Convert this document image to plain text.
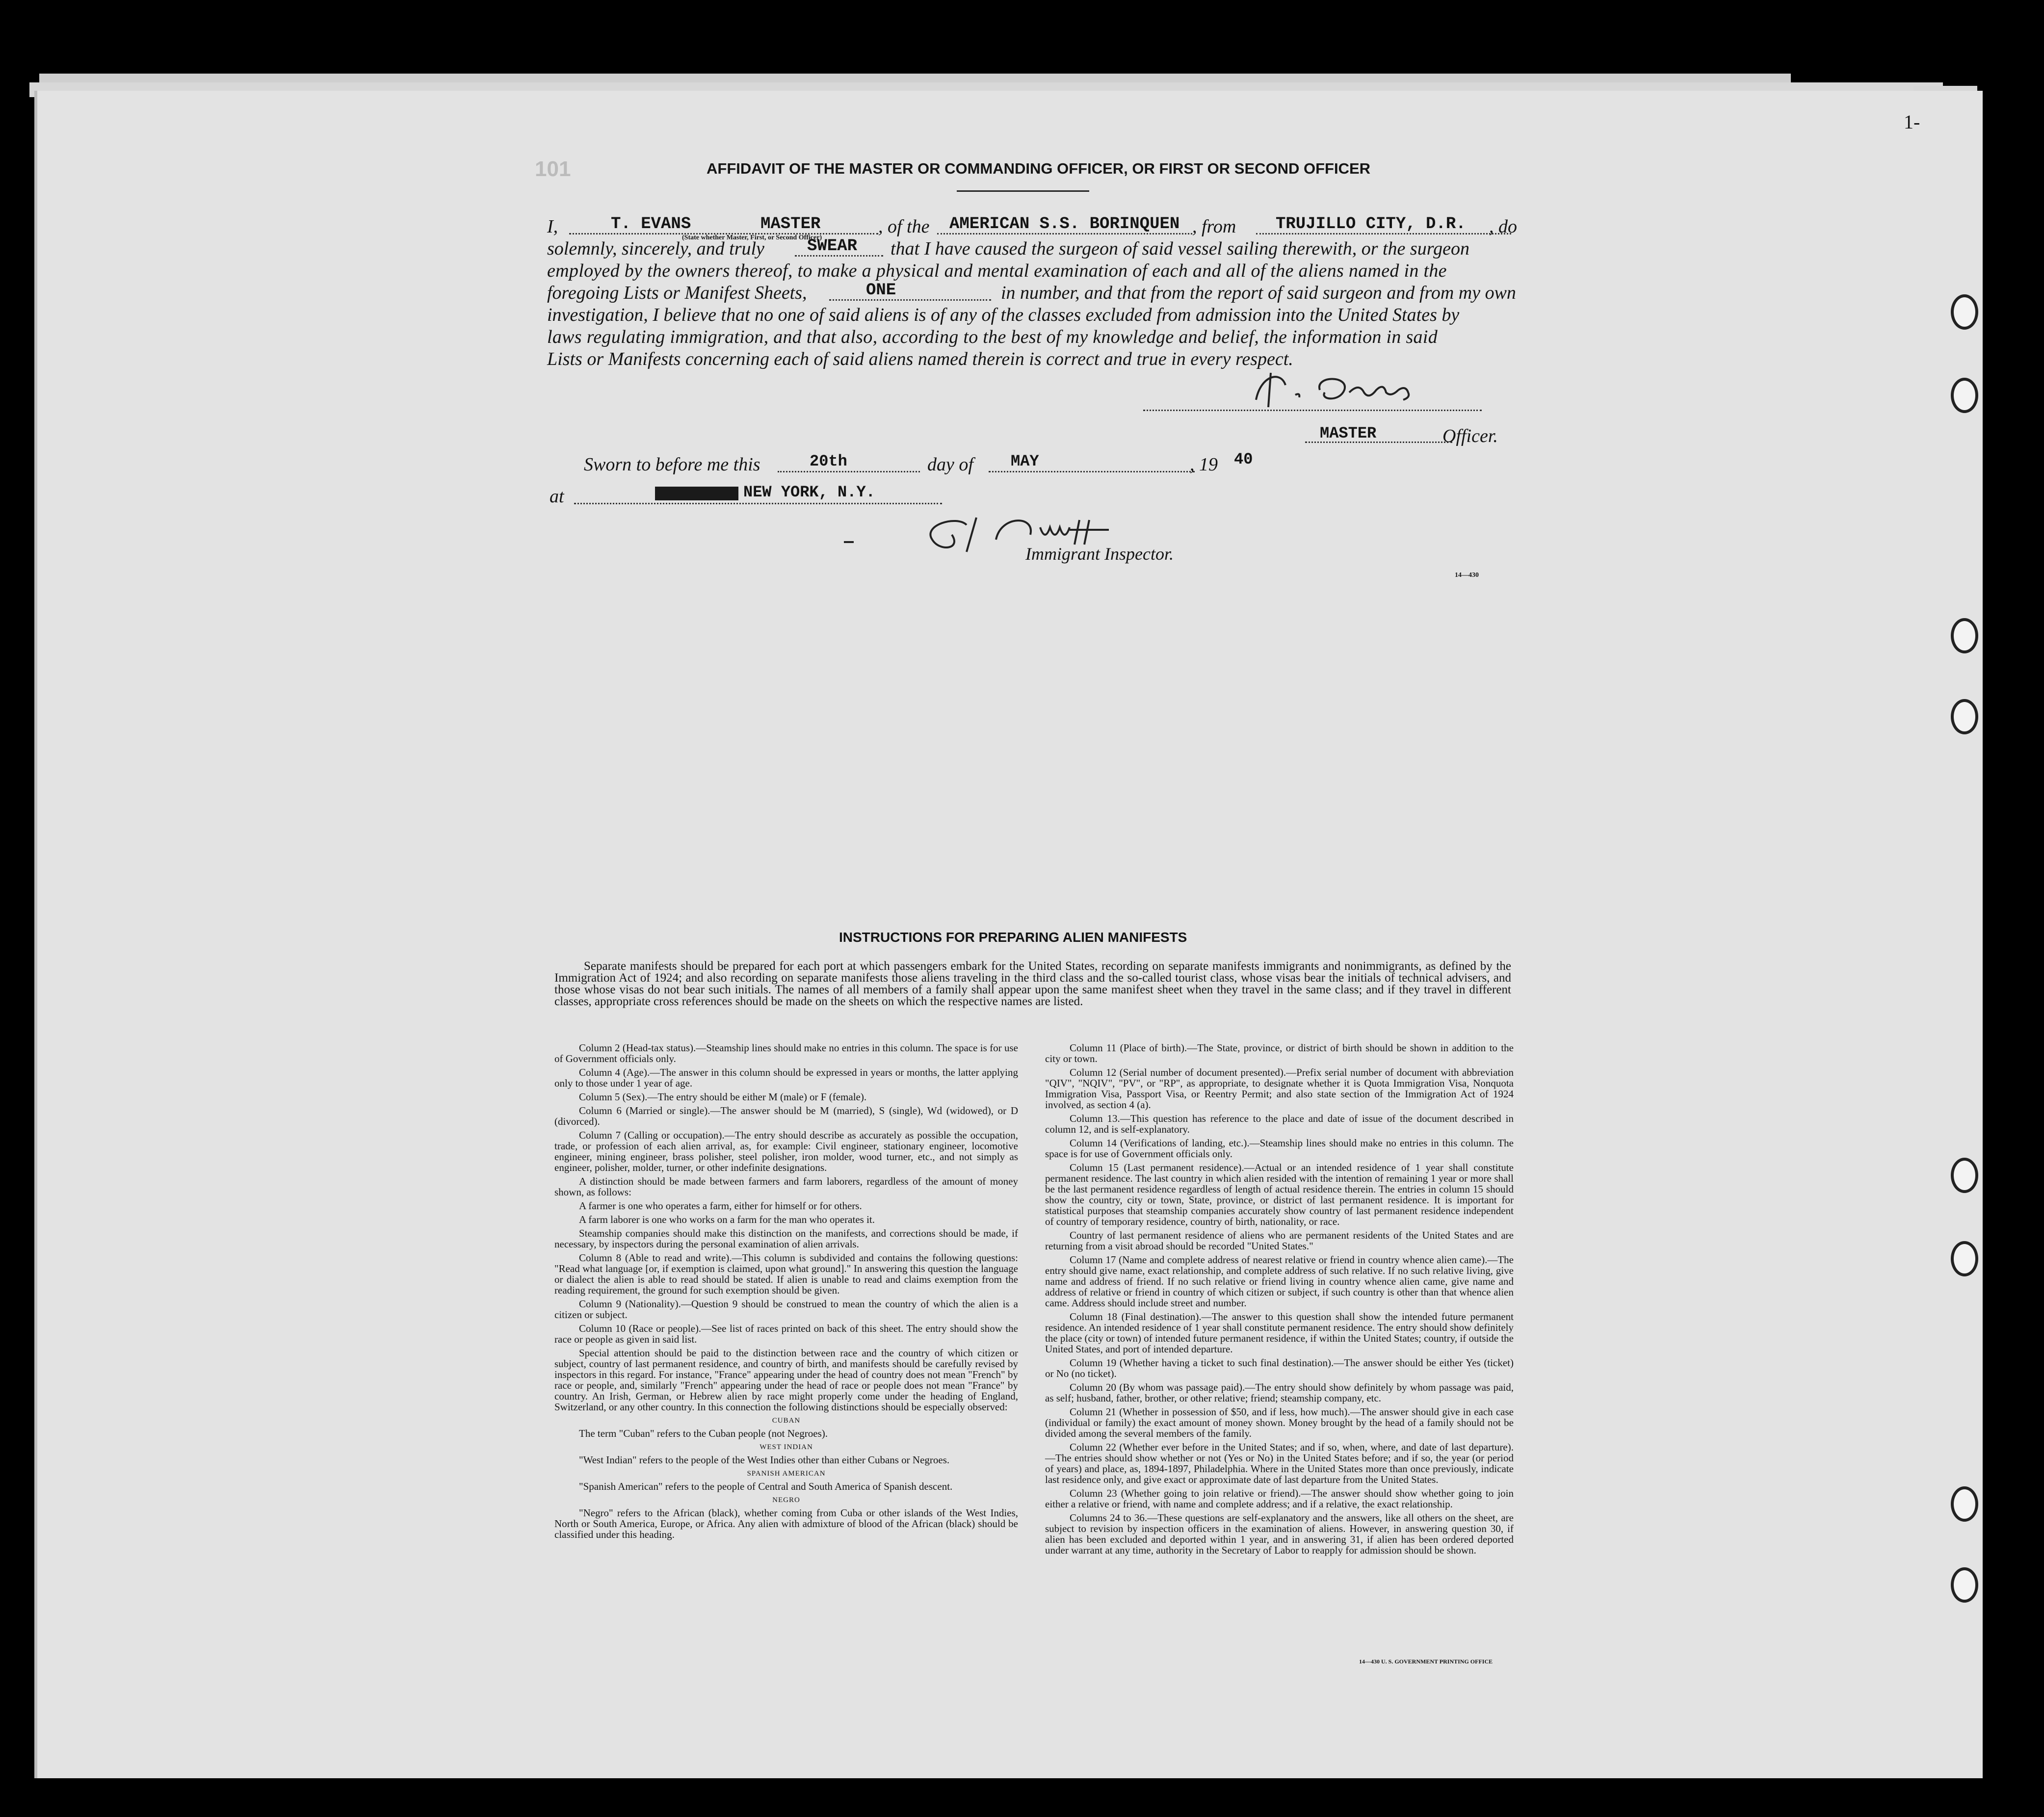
1-
101	AFFIDAVIT OF THE MASTER OR COMMANDING OFFICER, OR FIRST OR SECOND OFFICER
I,	T. EVANS	MASTER
(State whether Master, First, or Second Officer)
, of the AMERICAN S.S. BORINQUEN , from TRUJILLO CITY, D.R. , do
solemnly, sincerely, and truly	SWEAR that I have caused the surgeon of said vessel sailing therewith, or the surgeon
employed by the owners thereof, to make a physical and mental examination of each and all of the aliens named in the
foregoing Lists or Manifest Sheets,	ONE	in number, and that from the report of said surgeon and from my own
investigation, I believe that no one of said aliens is of any of the classes excluded from admission into the United States by
laws regulating immigration, and that also, according to the best of my knowledge and belief, the information in said
Lists or Manifests concerning each of said aliens named therein is correct and true in every respect.
MASTER	Officer.
Sworn to before me this	20th	day of MAY	, 19 40
at	NEW YORK, N.Y.
Immigrant Inspector.
14—430
INSTRUCTIONS FOR PREPARING ALIEN MANIFESTS
Separate manifests should be prepared for each port at which passengers embark for the United States, recording on separate manifests immigrants and nonimmigrants, as defined by the Immigration Act of 1924; and also recording on separate manifests those aliens traveling in the third class and the so-called tourist class, whose visas bear the initials of technical advisers, and those whose visas do not bear such initials. The names of all members of a family shall appear upon the same manifest sheet when they travel in the same class; and if they travel in different classes, appropriate cross references should be made on the sheets on which the respective names are listed.

Column 2 (Head-tax status).—Steamship lines should make no entries in this column. The space is for use of Government officials only.

Column 4 (Age).—The answer in this column should be expressed in years or months, the latter applying only to those under 1 year of age.

Column 5 (Sex).—The entry should be either M (male) or F (female).

Column 6 (Married or single).—The answer should be M (married), S (single), Wd (widowed), or D (divorced).

Column 7 (Calling or occupation).—The entry should describe as accurately as possible the occupation, trade, or profession of each alien arrival, as, for example: Civil engineer, stationary engineer, locomotive engineer, mining engineer, brass polisher, steel polisher, iron molder, wood turner, etc., and not simply as engineer, polisher, molder, turner, or other indefinite designations.

A distinction should be made between farmers and farm laborers, regardless of the amount of money shown, as follows:

A farmer is one who operates a farm, either for himself or for others.

A farm laborer is one who works on a farm for the man who operates it.

Steamship companies should make this distinction on the manifests, and corrections should be made, if necessary, by inspectors during the personal examination of alien arrivals.

Column 8 (Able to read and write).—This column is subdivided and contains the following questions: "Read what language [or, if exemption is claimed, upon what ground]." In answering this question the language or dialect the alien is able to read should be stated. If alien is unable to read and claims exemption from the reading requirement, the ground for such exemption should be given.

Column 9 (Nationality).—Question 9 should be construed to mean the country of which the alien is a citizen or subject.

Column 10 (Race or people).—See list of races printed on back of this sheet. The entry should show the race or people as given in said list.

Special attention should be paid to the distinction between race and the country of which citizen or subject, country of last permanent residence, and country of birth, and manifests should be carefully revised by inspectors in this regard. For instance, "France" appearing under the head of country does not mean "French" by race or people, and, similarly "French" appearing under the head of race or people does not mean "France" by country. An Irish, German, or Hebrew alien by race might properly come under the heading of England, Switzerland, or any other country. In this connection the following distinctions should be especially observed:

CUBAN

The term "Cuban" refers to the Cuban people (not Negroes).

WEST INDIAN

"West Indian" refers to the people of the West Indies other than either Cubans or Negroes.

SPANISH AMERICAN

"Spanish American" refers to the people of Central and South America of Spanish descent.

NEGRO

"Negro" refers to the African (black), whether coming from Cuba or other islands of the West Indies, North or South America, Europe, or Africa. Any alien with admixture of blood of the African (black) should be classified under this heading.

Column 11 (Place of birth).—The State, province, or district of birth should be shown in addition to the city or town.

Column 12 (Serial number of document presented).—Prefix serial number of document with abbreviation "QIV", "NQIV", "PV", or "RP", as appropriate, to designate whether it is Quota Immigration Visa, Nonquota Immigration Visa, Passport Visa, or Reentry Permit; and also state section of the Immigration Act of 1924 involved, as section 4 (a).

Column 13.—This question has reference to the place and date of issue of the document described in column 12, and is self-explanatory.

Column 14 (Verifications of landing, etc.).—Steamship lines should make no entries in this column. The space is for use of Government officials only.

Column 15 (Last permanent residence).—Actual or an intended residence of 1 year shall constitute permanent residence. The last country in which alien resided with the intention of remaining 1 year or more shall be the last permanent residence regardless of length of actual residence therein. The entries in column 15 should show the country, city or town, State, province, or district of last permanent residence. It is important for statistical purposes that steamship companies accurately show country of last permanent residence independent of country of temporary residence, country of birth, nationality, or race.

Country of last permanent residence of aliens who are permanent residents of the United States and are returning from a visit abroad should be recorded "United States."

Column 17 (Name and complete address of nearest relative or friend in country whence alien came).—The entry should give name, exact relationship, and complete address of such relative. If no such relative living, give name and address of friend. If no such relative or friend living in country whence alien came, give name and address of relative or friend in country of which citizen or subject, if such country is other than that whence alien came. Address should include street and number.

Column 18 (Final destination).—The answer to this question shall show the intended future permanent residence. An intended residence of 1 year shall constitute permanent residence. The entry should show definitely the place (city or town) of intended future permanent residence, if within the United States; country, if outside the United States, and port of intended departure.

Column 19 (Whether having a ticket to such final destination).—The answer should be either Yes (ticket) or No (no ticket).

Column 20 (By whom was passage paid).—The entry should show definitely by whom passage was paid, as self; husband, father, brother, or other relative; friend; steamship company, etc.

Column 21 (Whether in possession of $50, and if less, how much).—The answer should give in each case (individual or family) the exact amount of money shown. Money brought by the head of a family should not be divided among the several members of the family.

Column 22 (Whether ever before in the United States; and if so, when, where, and date of last departure).—The entries should show whether or not (Yes or No) in the United States before; and if so, the year (or period of years) and place, as, 1894-1897, Philadelphia. Where in the United States more than once previously, indicate last residence only, and give exact or approximate date of last departure from the United States.

Column 23 (Whether going to join relative or friend).—The answer should show whether going to join either a relative or friend, with name and complete address; and if a relative, the exact relationship.

Columns 24 to 36.—These questions are self-explanatory and the answers, like all others on the sheet, are subject to revision by inspection officers in the examination of aliens. However, in answering question 30, if alien has been excluded and deported within 1 year, and in answering 31, if alien has been ordered deported under warrant at any time, authority in the Secretary of Labor to reapply for admission should be shown.

14—430 U. S. GOVERNMENT PRINTING OFFICE
